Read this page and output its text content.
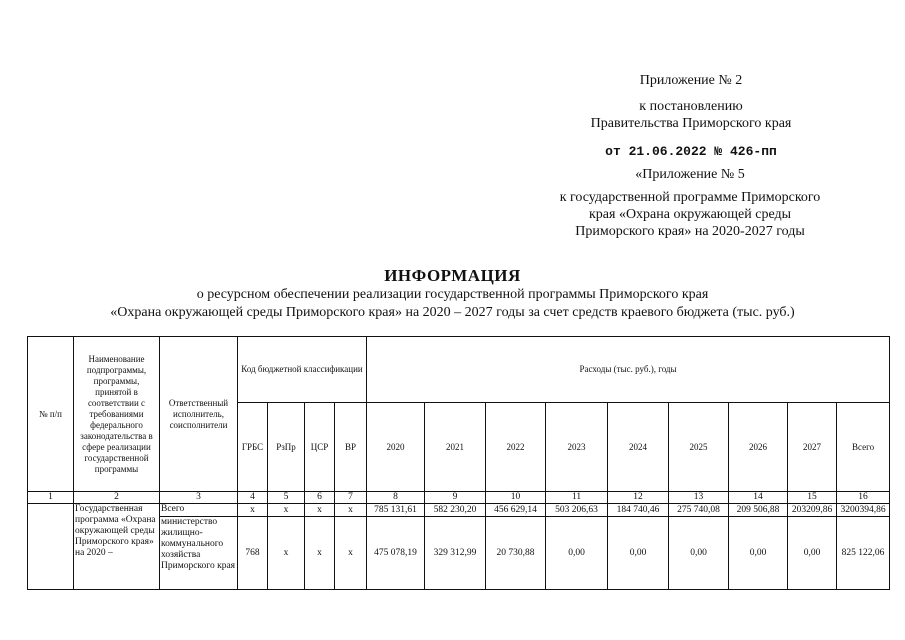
Приложение № 2
к постановлению
Правительства Приморского края
от 21.06.2022 № 426-пп
«Приложение № 5
к государственной программе Приморского
края «Охрана окружающей среды
Приморского края» на 2020-2027 годы
ИНФОРМАЦИЯ
о ресурсном обеспечении реализации государственной программы Приморского края
«Охрана окружающей среды Приморского края» на 2020 – 2027 годы за счет средств краевого бюджета (тыс. руб.)
№ п/п	Наименование подпрограммы, программы, принятой в соответствии с требованиями федерального законодательства в сфере реализации государственной программы	Ответственный исполнитель, соисполнители	Код бюджетной классификации				Расходы (тыс. руб.), годы								
			ГРБС	РзПр	ЦСР	ВР	2020	2021	2022	2023	2024	2025	2026	2027	Всего
1	2	3	4	5	6	7	8	9	10	11	12	13	14	15	16
	Государственная программа «Охрана окружающей среды Приморского края» на 2020 –	Всего	х	х	х	х	785 131,61	582 230,20	456 629,14	503 206,63	184 740,46	275 740,08	209 506,88	203209,86	3200394,86
		министерство жилищно-коммунального хозяйства Приморского края	768	х	х	х	475 078,19	329 312,99	20 730,88	0,00	0,00	0,00	0,00	0,00	825 122,06
